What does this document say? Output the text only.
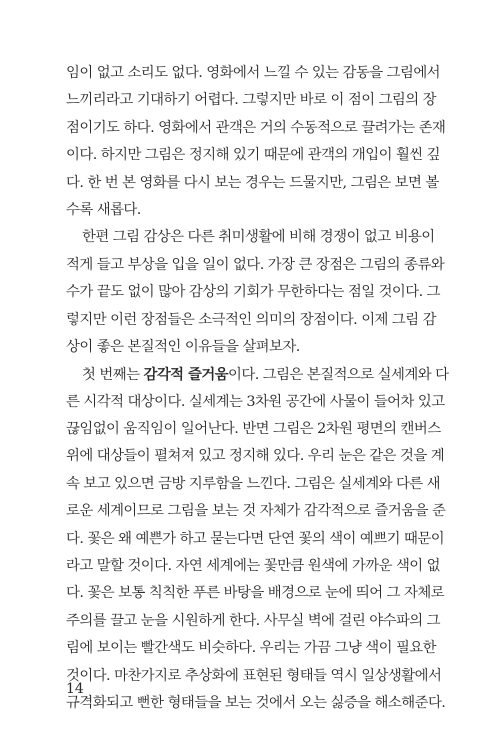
임이 없고 소리도 없다. 영화에서 느낄 수 있는 감동을 그림에서
느끼리라고 기대하기 어렵다. 그렇지만 바로 이 점이 그림의 장
점이기도 하다. 영화에서 관객은 거의 수동적으로 끌려가는 존재
이다. 하지만 그림은 정지해 있기 때문에 관객의 개입이 훨씬 깊
다. 한 번 본 영화를 다시 보는 경우는 드물지만, 그림은 보면 볼
수록 새롭다.
한편 그림 감상은 다른 취미생활에 비해 경쟁이 없고 비용이
적게 들고 부상을 입을 일이 없다. 가장 큰 장점은 그림의 종류와
수가 끝도 없이 많아 감상의 기회가 무한하다는 점일 것이다. 그
렇지만 이런 장점들은 소극적인 의미의 장점이다. 이제 그림 감
상이 좋은 본질적인 이유들을 살펴보자.
첫 번째는 감각적 즐거움이다. 그림은 본질적으로 실세계와 다
른 시각적 대상이다. 실세계는 3차원 공간에 사물이 들어차 있고
끊임없이 움직임이 일어난다. 반면 그림은 2차원 평면의 캔버스
위에 대상들이 펼쳐져 있고 정지해 있다. 우리 눈은 같은 것을 계
속 보고 있으면 금방 지루함을 느낀다. 그림은 실세계와 다른 새
로운 세계이므로 그림을 보는 것 자체가 감각적으로 즐거움을 준
다. 꽃은 왜 예쁜가 하고 묻는다면 단연 꽃의 색이 예쁘기 때문이
라고 말할 것이다. 자연 세계에는 꽃만큼 원색에 가까운 색이 없
다. 꽃은 보통 칙칙한 푸른 바탕을 배경으로 눈에 띄어 그 자체로
주의를 끌고 눈을 시원하게 한다. 사무실 벽에 걸린 야수파의 그
림에 보이는 빨간색도 비슷하다. 우리는 가끔 그냥 색이 필요한
것이다. 마찬가지로 추상화에 표현된 형태들 역시 일상생활에서
규격화되고 뻔한 형태들을 보는 것에서 오는 싫증을 해소해준다.
14
